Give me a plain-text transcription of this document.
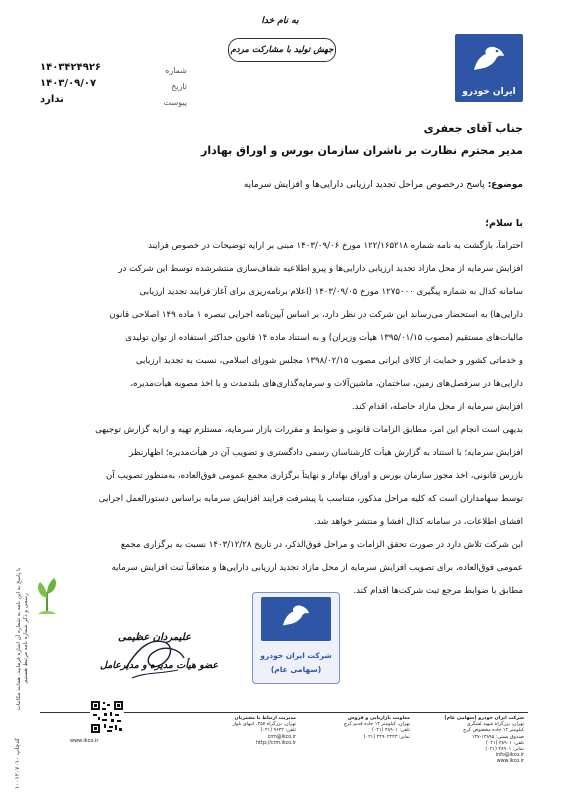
به نام خدا
جهش تولید با مشارکت مردم
ایران خودرو
شماره
۱۴۰۳۴۲۴۹۲۶
تاریخ
۱۴۰۳/۰۹/۰۷
پیوست
ندارد
جناب آقای جعفری
مدیر محترم نظارت بر ناشران سازمان بورس و اوراق بهادار
موضوع: پاسخ درخصوص مراحل تجدید ارزیابی دارایی‌ها و افزایش سرمایه
با سلام؛
احتراماً، بازگشت به نامه شماره ۱۲۲/۱۶۵۲۱۸ مورخ ۱۴۰۳/۰۹/۰۶ مبنی بر ارایه توضیحات در خصوص فرایند
افزایش سرمایه از محل مازاد تجدید ارزیابی دارایی‌ها و پیرو اطلاعیه شفاف‌سازی منتشرشده توسط این شرکت در
سامانه کدال به شماره پیگیری ۱۲۷۵۰۰۰ مورخ ۱۴۰۳/۰۹/۰۵ (اعلام برنامه‌ریزی برای آغاز فرایند تجدید ارزیابی
دارایی‌ها) به استحضار می‌رساند این شرکت در نظر دارد، بر اساس آیین‌نامه اجرایی تبصره ۱ ماده ۱۴۹ اصلاحی قانون
مالیات‌های مستقیم (مصوب ۱۳۹۵/۰۱/۱۵ هیأت وزیران) و به استناد ماده ۱۴ قانون حداکثر استفاده از توان تولیدی
و خدماتی کشور و حمایت از کالای ایرانی مصوب ۱۳۹۸/۰۲/۱۵ مجلس شورای اسلامی، نسبت به تجدید ارزیابی
دارایی‌ها در سرفصل‌های زمین، ساختمان، ماشین‌آلات و سرمایه‌گذاری‌های بلندمدت و با اخذ مصوبه هیأت‌مدیره،
افزایش سرمایه از محل مازاد حاصله، اقدام کند.
بدیهی است انجام این امر، مطابق الزامات قانونی و ضوابط و مقررات بازار سرمایه، مستلزم تهیه و ارایه گزارش توجیهی
افزایش سرمایه؛ با استناد به گزارش هیأت کارشناسان رسمی دادگستری و تصویب آن در هیأت‌مدیره؛ اظهارنظر
بازرس قانونی، اخذ مجوز سازمان بورس و اوراق بهادار و نهایتاً برگزاری مجمع عمومی فوق‌العاده، به‌منظور تصویب آن
توسط سهامداران است که کلیه مراحل مذکور، متناسب با پیشرفت فرایند افزایش سرمایه براساس دستورالعمل اجرایی
افشای اطلاعات، در سامانه کدال افشا و منتشر خواهد شد.
این شرکت تلاش دارد در صورت تحقق الزامات و مراحل فوق‌الذکر، در تاریخ ۱۴۰۳/۱۲/۲۸ نسبت به برگزاری مجمع
عمومی فوق‌العاده، برای تصویب افزایش سرمایه از محل مازاد تجدید ارزیابی دارایی‌ها و متعاقباً ثبت افزایش سرمایه
مطابق با ضوابط مرجع ثبت شرکت‌ها اقدام کند.
شرکت ایران خودرو
(سهامی عام)
علیمردان عظیمی
عضو هیأت مدیره و مدیرعامل
با پاسخ به این نامه به شماره آن اشاره فرمایید. همانند مکاتبات رسمی و ذکر شماره نامه مرتبط هستیم.
کدچاپ ۱۰۰۱۲۰۷۰۱۰
شرکت ایران خودرو (سهامی عام)
تهران، بزرگراه شهید لشگری
کیلومتر ۱۴ جاده مخصوص کرج
صندوق پستی: ۱۳۸۹۵-۱۳۷
تلفن: ۴۸۹۰۱ (۰۲۱)
نمابر: ۴۸۹۰۱ (۰۲۱)
info@ikco.ir
www.ikco.ir
معاونت بازاریابی و فروش
تهران، کیلومتر ۱۴ جاده قدیم کرج
تلفن: ۴۸۹۰۱ (۰۲۱)
نمابر: ۴۴۹۰۲۴۲۳ (۰۲۱)
مدیریت ارتباط با مشتریان
تهران، بزرگراه ۴۵۷، انتهای بلوار
تلفن: ۹۶۳۲ (۰۲۱)
crm@ikco.ir
http://crm.ikco.ir
www.ikco.ir
